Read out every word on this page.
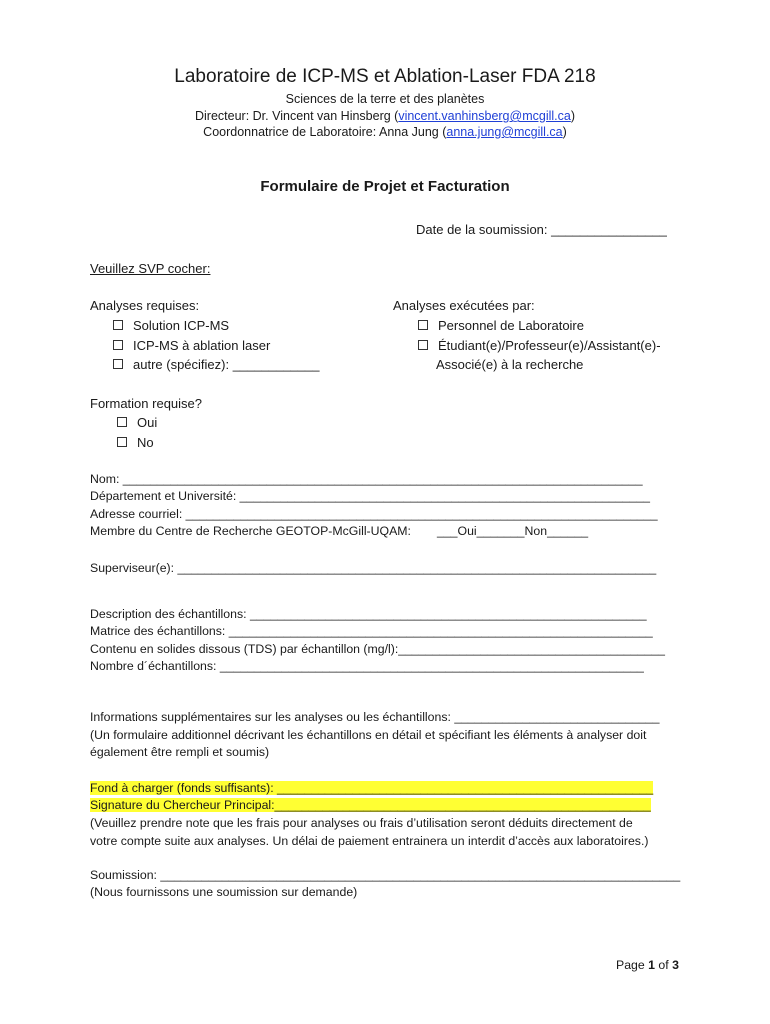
Laboratoire de ICP-MS et Ablation-Laser FDA 218
Sciences de la terre et des planètes
Directeur: Dr. Vincent van Hinsberg (vincent.vanhinsberg@mcgill.ca)
Coordonnatrice de Laboratoire: Anna Jung (anna.jung@mcgill.ca)
Formulaire de Projet et Facturation
Date de la soumission: ________________
Veuillez SVP cocher:
Analyses requises:
Solution ICP-MS
ICP-MS à ablation laser
autre (spécifiez): ____________
Analyses exécutées par:
Personnel de Laboratoire
Étudiant(e)/Professeur(e)/Assistant(e)-
Associé(e) à la recherche
Formation requise?
Oui
No
Nom: ____________________________________________________________________________
Département et Université: ____________________________________________________________
Adresse courriel: _____________________________________________________________________
Membre du Centre de Recherche GEOTOP-McGill-UQAM: ___Oui_______Non______
Superviseur(e): ______________________________________________________________________
Description des échantillons: __________________________________________________________
Matrice des échantillons: ______________________________________________________________
Contenu en solides dissous (TDS) par échantillon (mg/l):_______________________________________
Nombre d´échantillons: ______________________________________________________________
Informations supplémentaires sur les analyses ou les échantillons: ______________________________
(Un formulaire additionnel décrivant les échantillons en détail et spécifiant les éléments à analyser doit
également être rempli et soumis)
Fond à charger (fonds suffisants): _______________________________________________________
Signature du Chercheur Principal:_______________________________________________________
(Veuillez prendre note que les frais pour analyses ou frais d’utilisation seront déduits directement de
votre compte suite aux analyses. Un délai de paiement entrainera un interdit d’accès aux laboratoires.)
Soumission: ____________________________________________________________________________
(Nous fournissons une soumission sur demande)
Page 1 of 3
